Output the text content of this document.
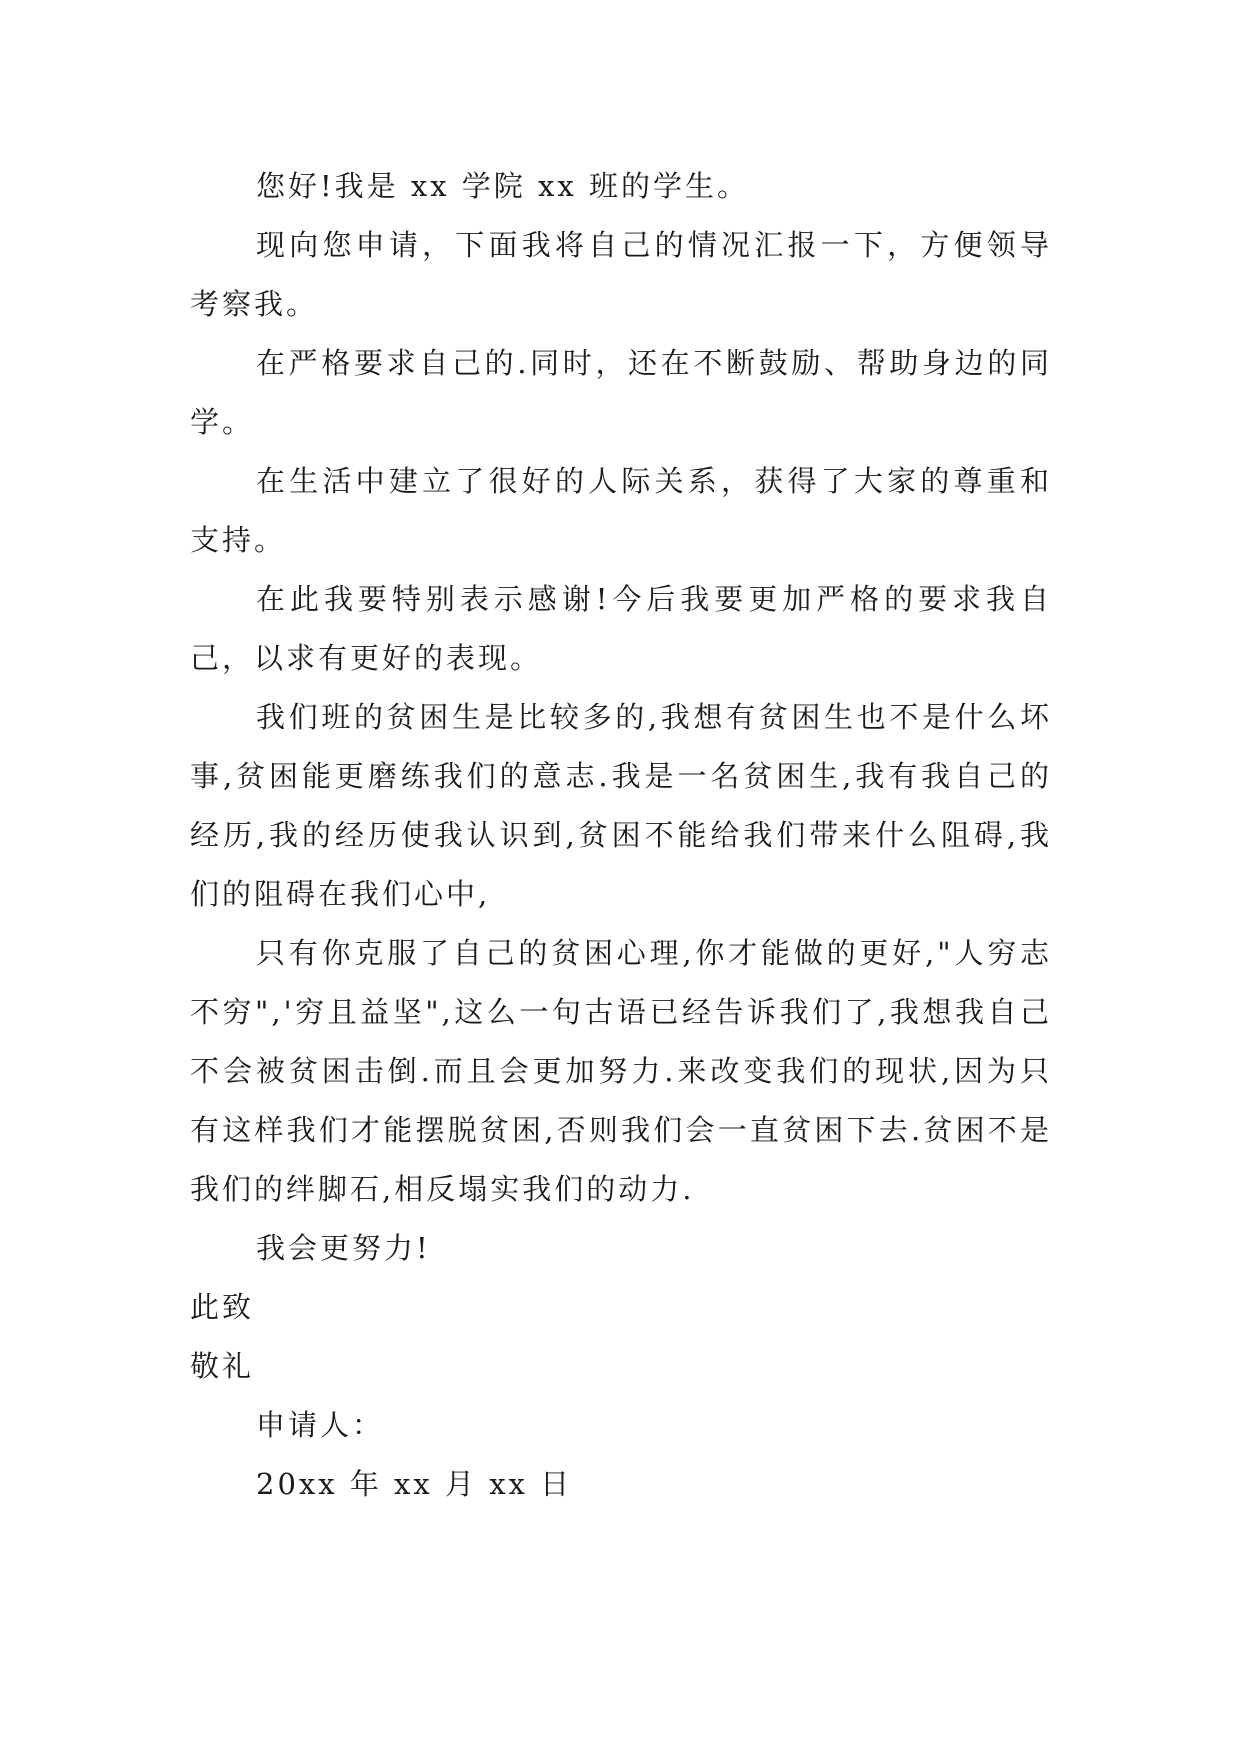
您好!我是 xx 学院 xx 班的学生。

现向您申请，下面我将自己的情况汇报一下，方便领导考察我。

在严格要求自己的.同时，还在不断鼓励、帮助身边的同学。

在生活中建立了很好的人际关系，获得了大家的尊重和支持。

在此我要特别表示感谢!今后我要更加严格的要求我自己，以求有更好的表现。

我们班的贫困生是比较多的,我想有贫困生也不是什么坏事,贫困能更磨练我们的意志.我是一名贫困生,我有我自己的经历,我的经历使我认识到,贫困不能给我们带来什么阻碍,我们的阻碍在我们心中,

只有你克服了自己的贫困心理,你才能做的更好,"人穷志不穷",'穷且益坚",这么一句古语已经告诉我们了,我想我自己不会被贫困击倒.而且会更加努力.来改变我们的现状,因为只有这样我们才能摆脱贫困,否则我们会一直贫困下去.贫困不是我们的绊脚石,相反塌实我们的动力.

我会更努力!

此致

敬礼

申请人：

20xx 年 xx 月 xx 日
